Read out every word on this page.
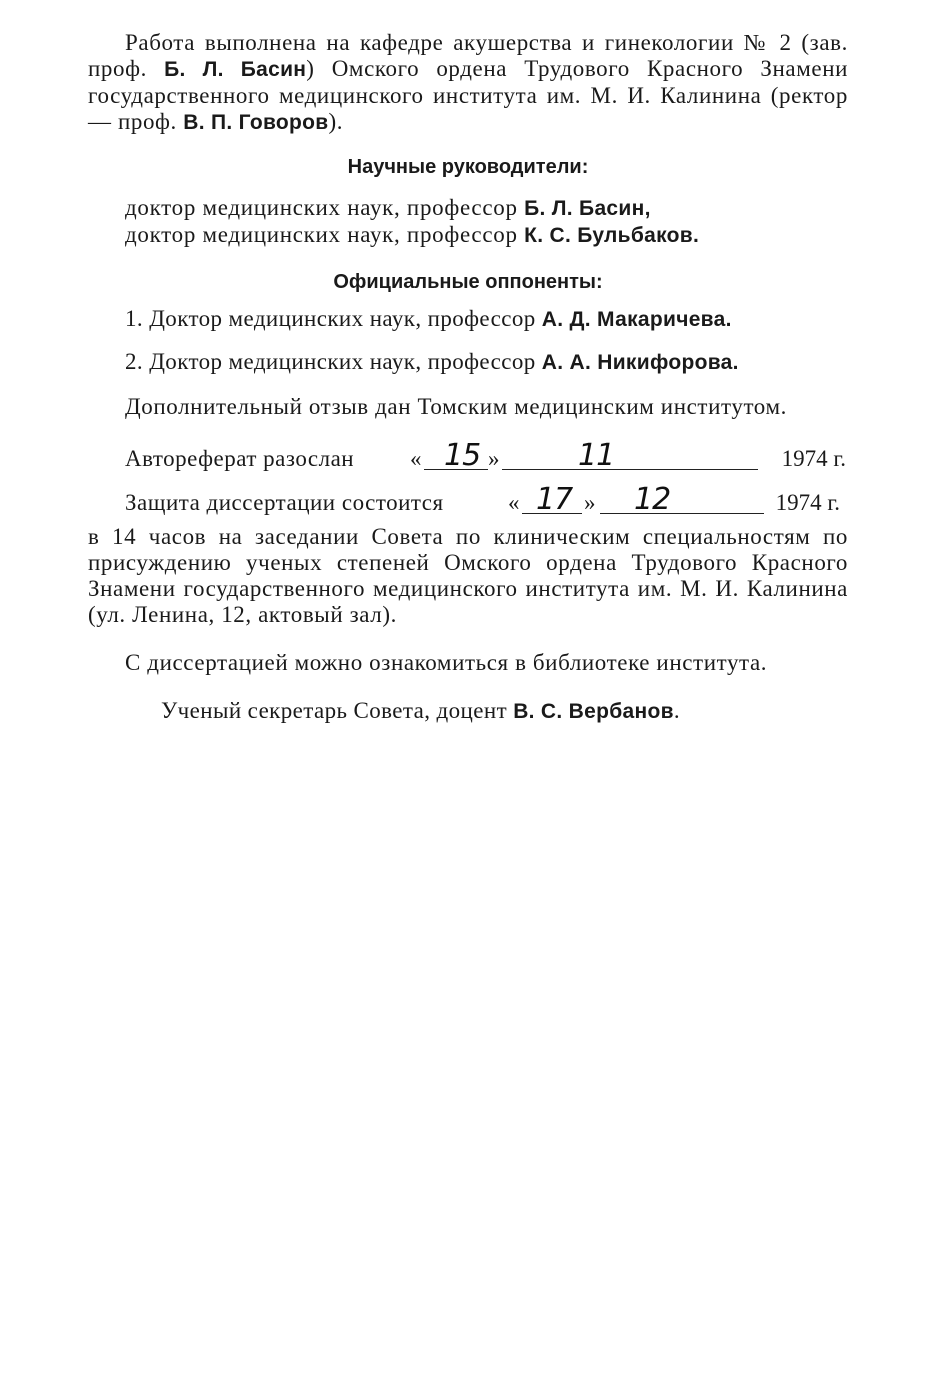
Работа выполнена на кафедре акушерства и гинекологии № 2 (зав. проф. Б. Л. Басин) Омского ордена Трудового Красного Знамени государственного медицинского института им. М. И. Калинина (ректор — проф. В. П. Говоров).

Научные руководители:

доктор медицинских наук, профессор Б. Л. Басин,

доктор медицинских наук, профессор К. С. Бульбаков.

Официальные оппоненты:

1. Доктор медицинских наук, профессор А. Д. Макаричева.

2. Доктор медицинских наук, профессор А. А. Никифорова.

Дополнительный отзыв дан Томским медицинским институтом.

Автореферат разослан « 15 »	11	1974 г.
Защита диссертации состоится	« 17 » 12	1974 г.

в 14 часов на заседании Совета по клиническим специальностям по присуждению ученых степеней Омского ордена Трудового Красного Знамени государственного медицинского института им. М. И. Калинина (ул. Ленина, 12, актовый зал).

С диссертацией можно ознакомиться в библиотеке института.

Ученый секретарь Совета, доцент В. С. Вербанов.
